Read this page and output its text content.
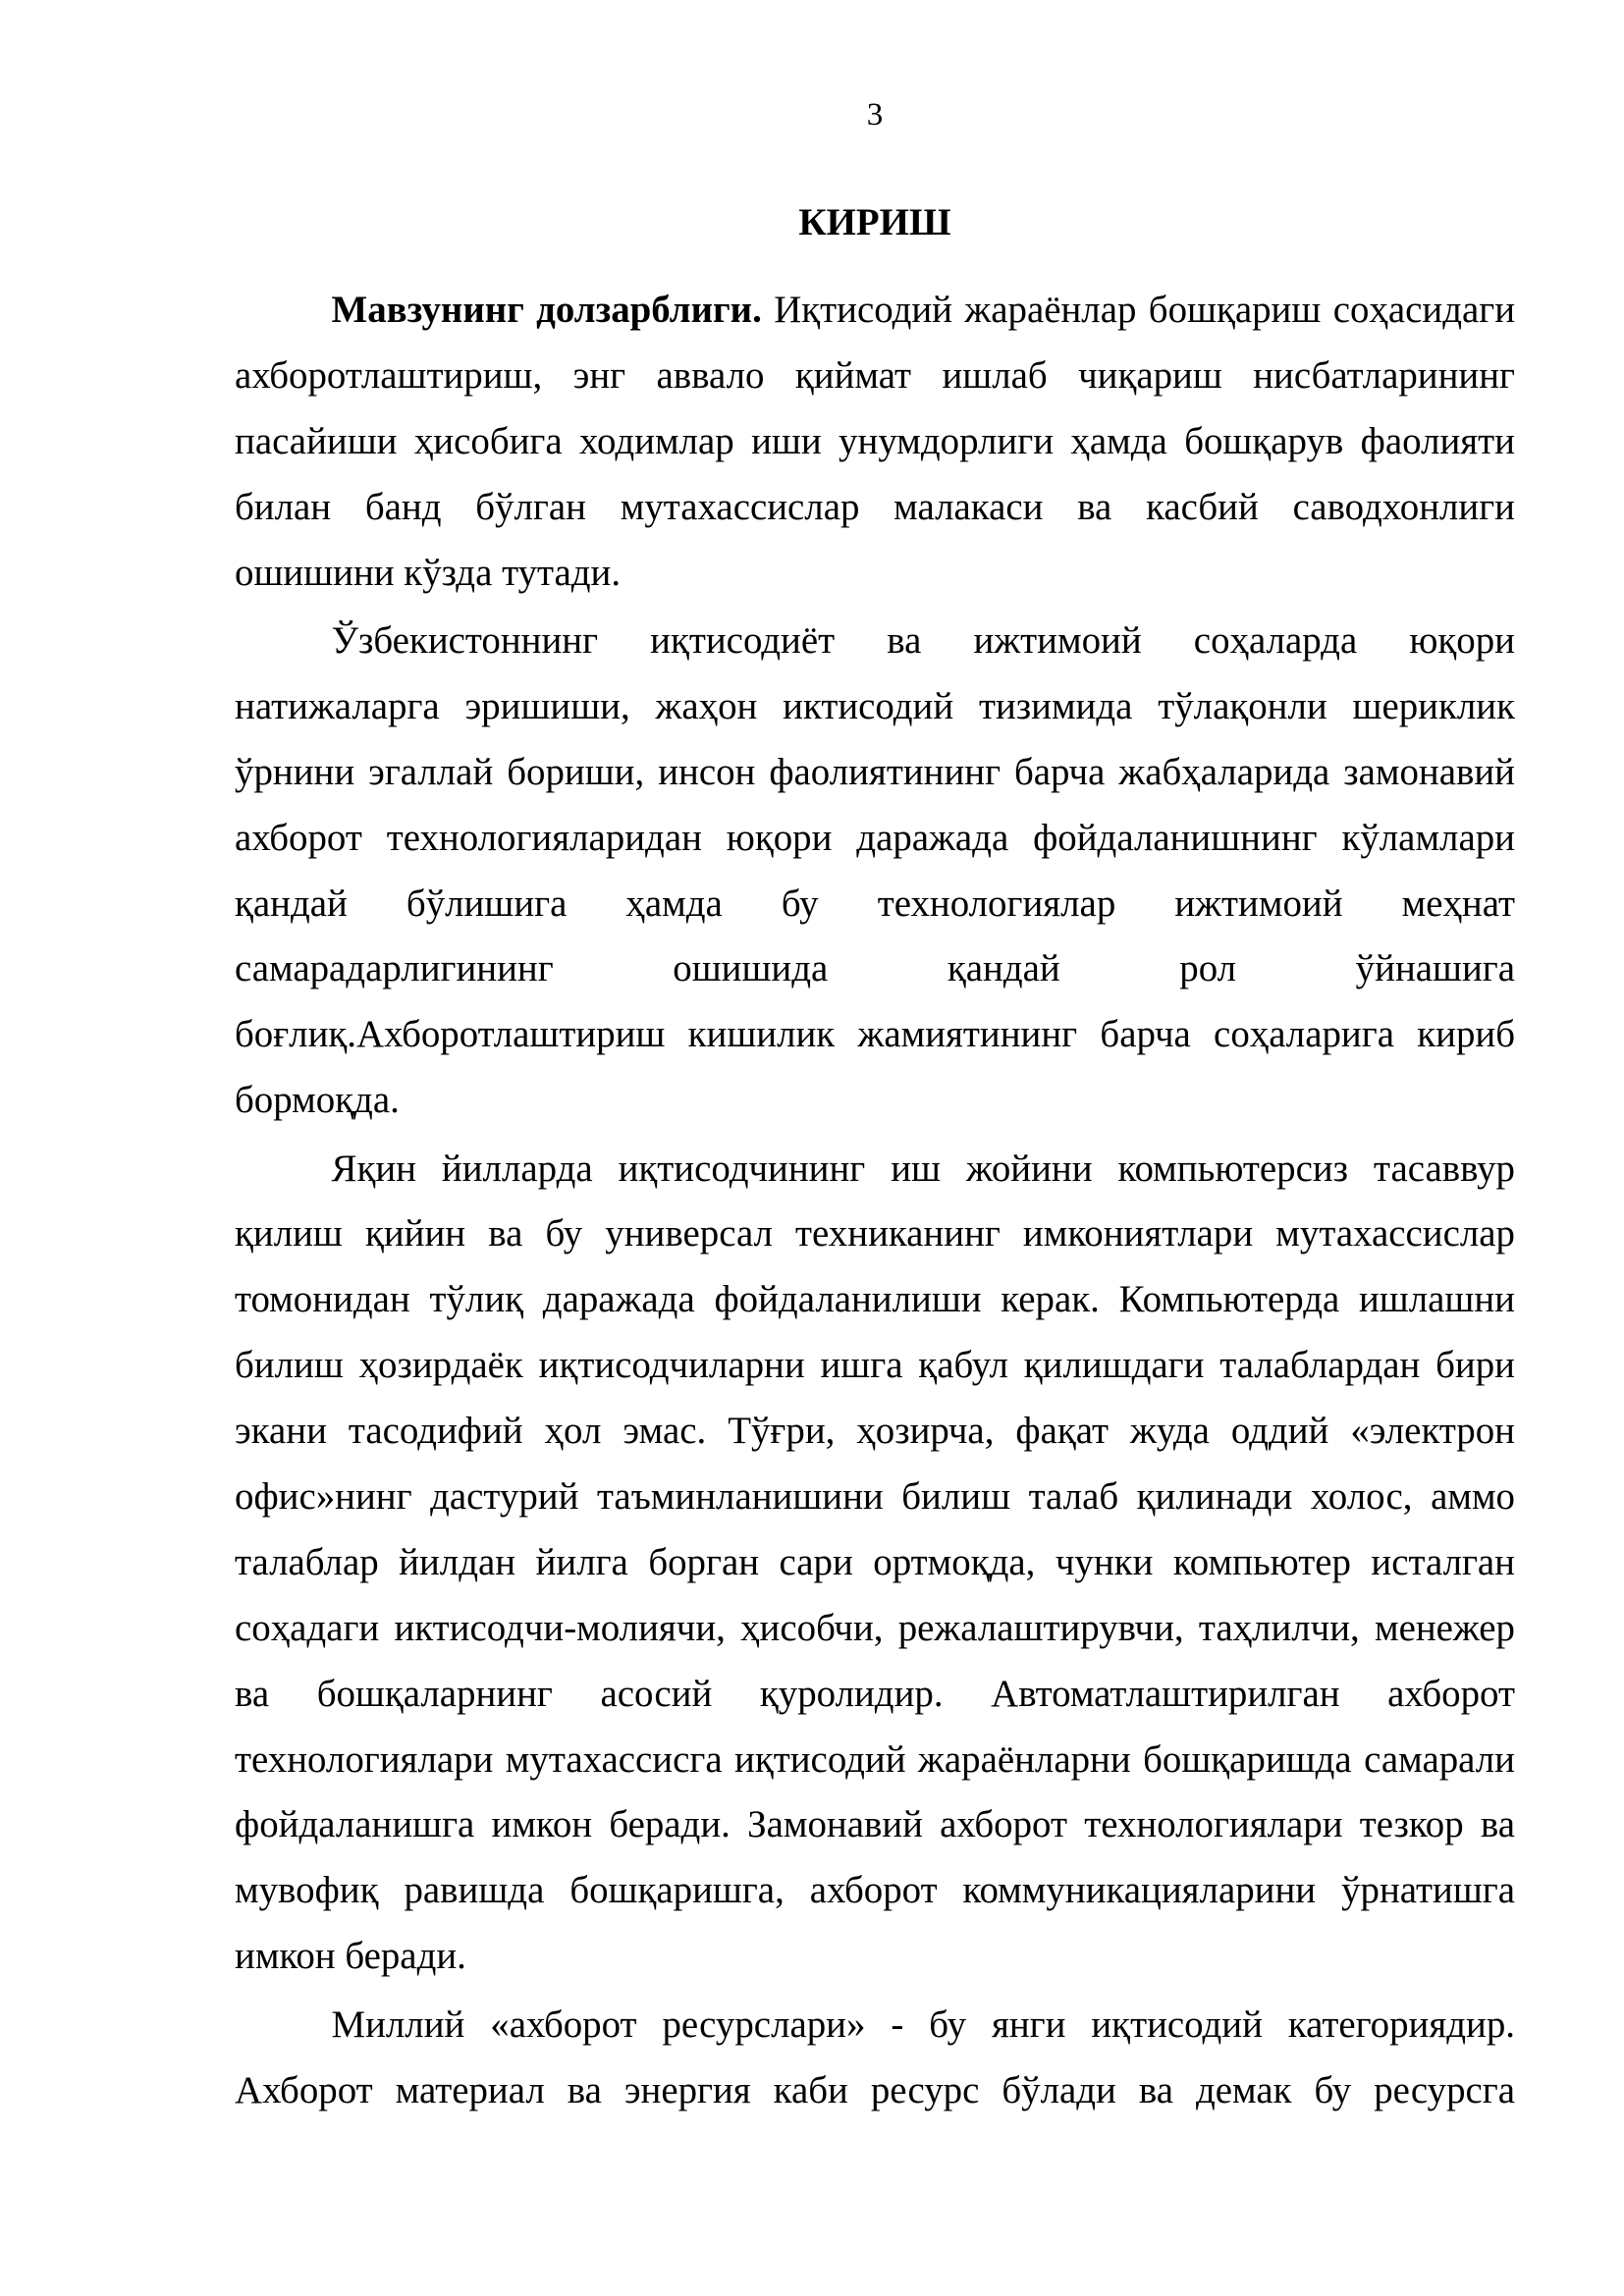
3
КИРИШ
Мавзунинг долзарблиги. Иқтисодий жараёнлар бошқариш соҳасидаги
ахборотлаштириш, энг аввало қиймат ишлаб чиқариш нисбатларининг
пасайиши ҳисобига ходимлар иши унумдорлиги ҳамда бошқарув фаолияти
билан банд бўлган мутахассислар малакаси ва касбий саводхонлиги
ошишини кўзда тутади.
Ўзбекистоннинг иқтисодиёт ва ижтимоий соҳаларда юқори
натижаларга эришиши, жаҳон иктисодий тизимида тўлақонли шериклик
ўрнини эгаллай бориши, инсон фаолиятининг барча жабҳаларида замонавий
ахборот технологияларидан юқори даражада фойдаланишнинг кўламлари
қандай бўлишига ҳамда бу технологиялар ижтимоий меҳнат
самарадарлигининг ошишида қандай рол ўйнашига
боғлиқ.Ахборотлаштириш кишилик жамиятининг барча соҳаларига кириб
бормоқда.
Яқин йилларда иқтисодчининг иш жойини компьютерсиз тасаввур
қилиш қийин ва бу универсал техниканинг имкониятлари мутахассислар
томонидан тўлиқ даражада фойдаланилиши керак. Компьютерда ишлашни
билиш ҳозирдаёк иқтисодчиларни ишга қабул қилишдаги талаблардан бири
экани тасодифий ҳол эмас. Тўғри, ҳозирча, фақат жуда оддий «электрон
офис»нинг дастурий таъминланишини билиш талаб қилинади холос, аммо
талаблар йилдан йилга борган сари ортмоқда, чунки компьютер исталган
соҳадаги иктисодчи-молиячи, ҳисобчи, режалаштирувчи, таҳлилчи, менежер
ва бошқаларнинг асосий қуролидир. Автоматлаштирилган ахборот
технологиялари мутахассисга иқтисодий жараёнларни бошқаришда самарали
фойдаланишга имкон беради. Замонавий ахборот технологиялари тезкор ва
мувофиқ равишда бошқаришга, ахборот коммуникацияларини ўрнатишга
имкон беради.
Миллий «ахборот ресурслари» - бу янги иқтисодий категориядир.
Ахборот материал ва энергия каби ресурс бўлади ва демак бу ресурсга
